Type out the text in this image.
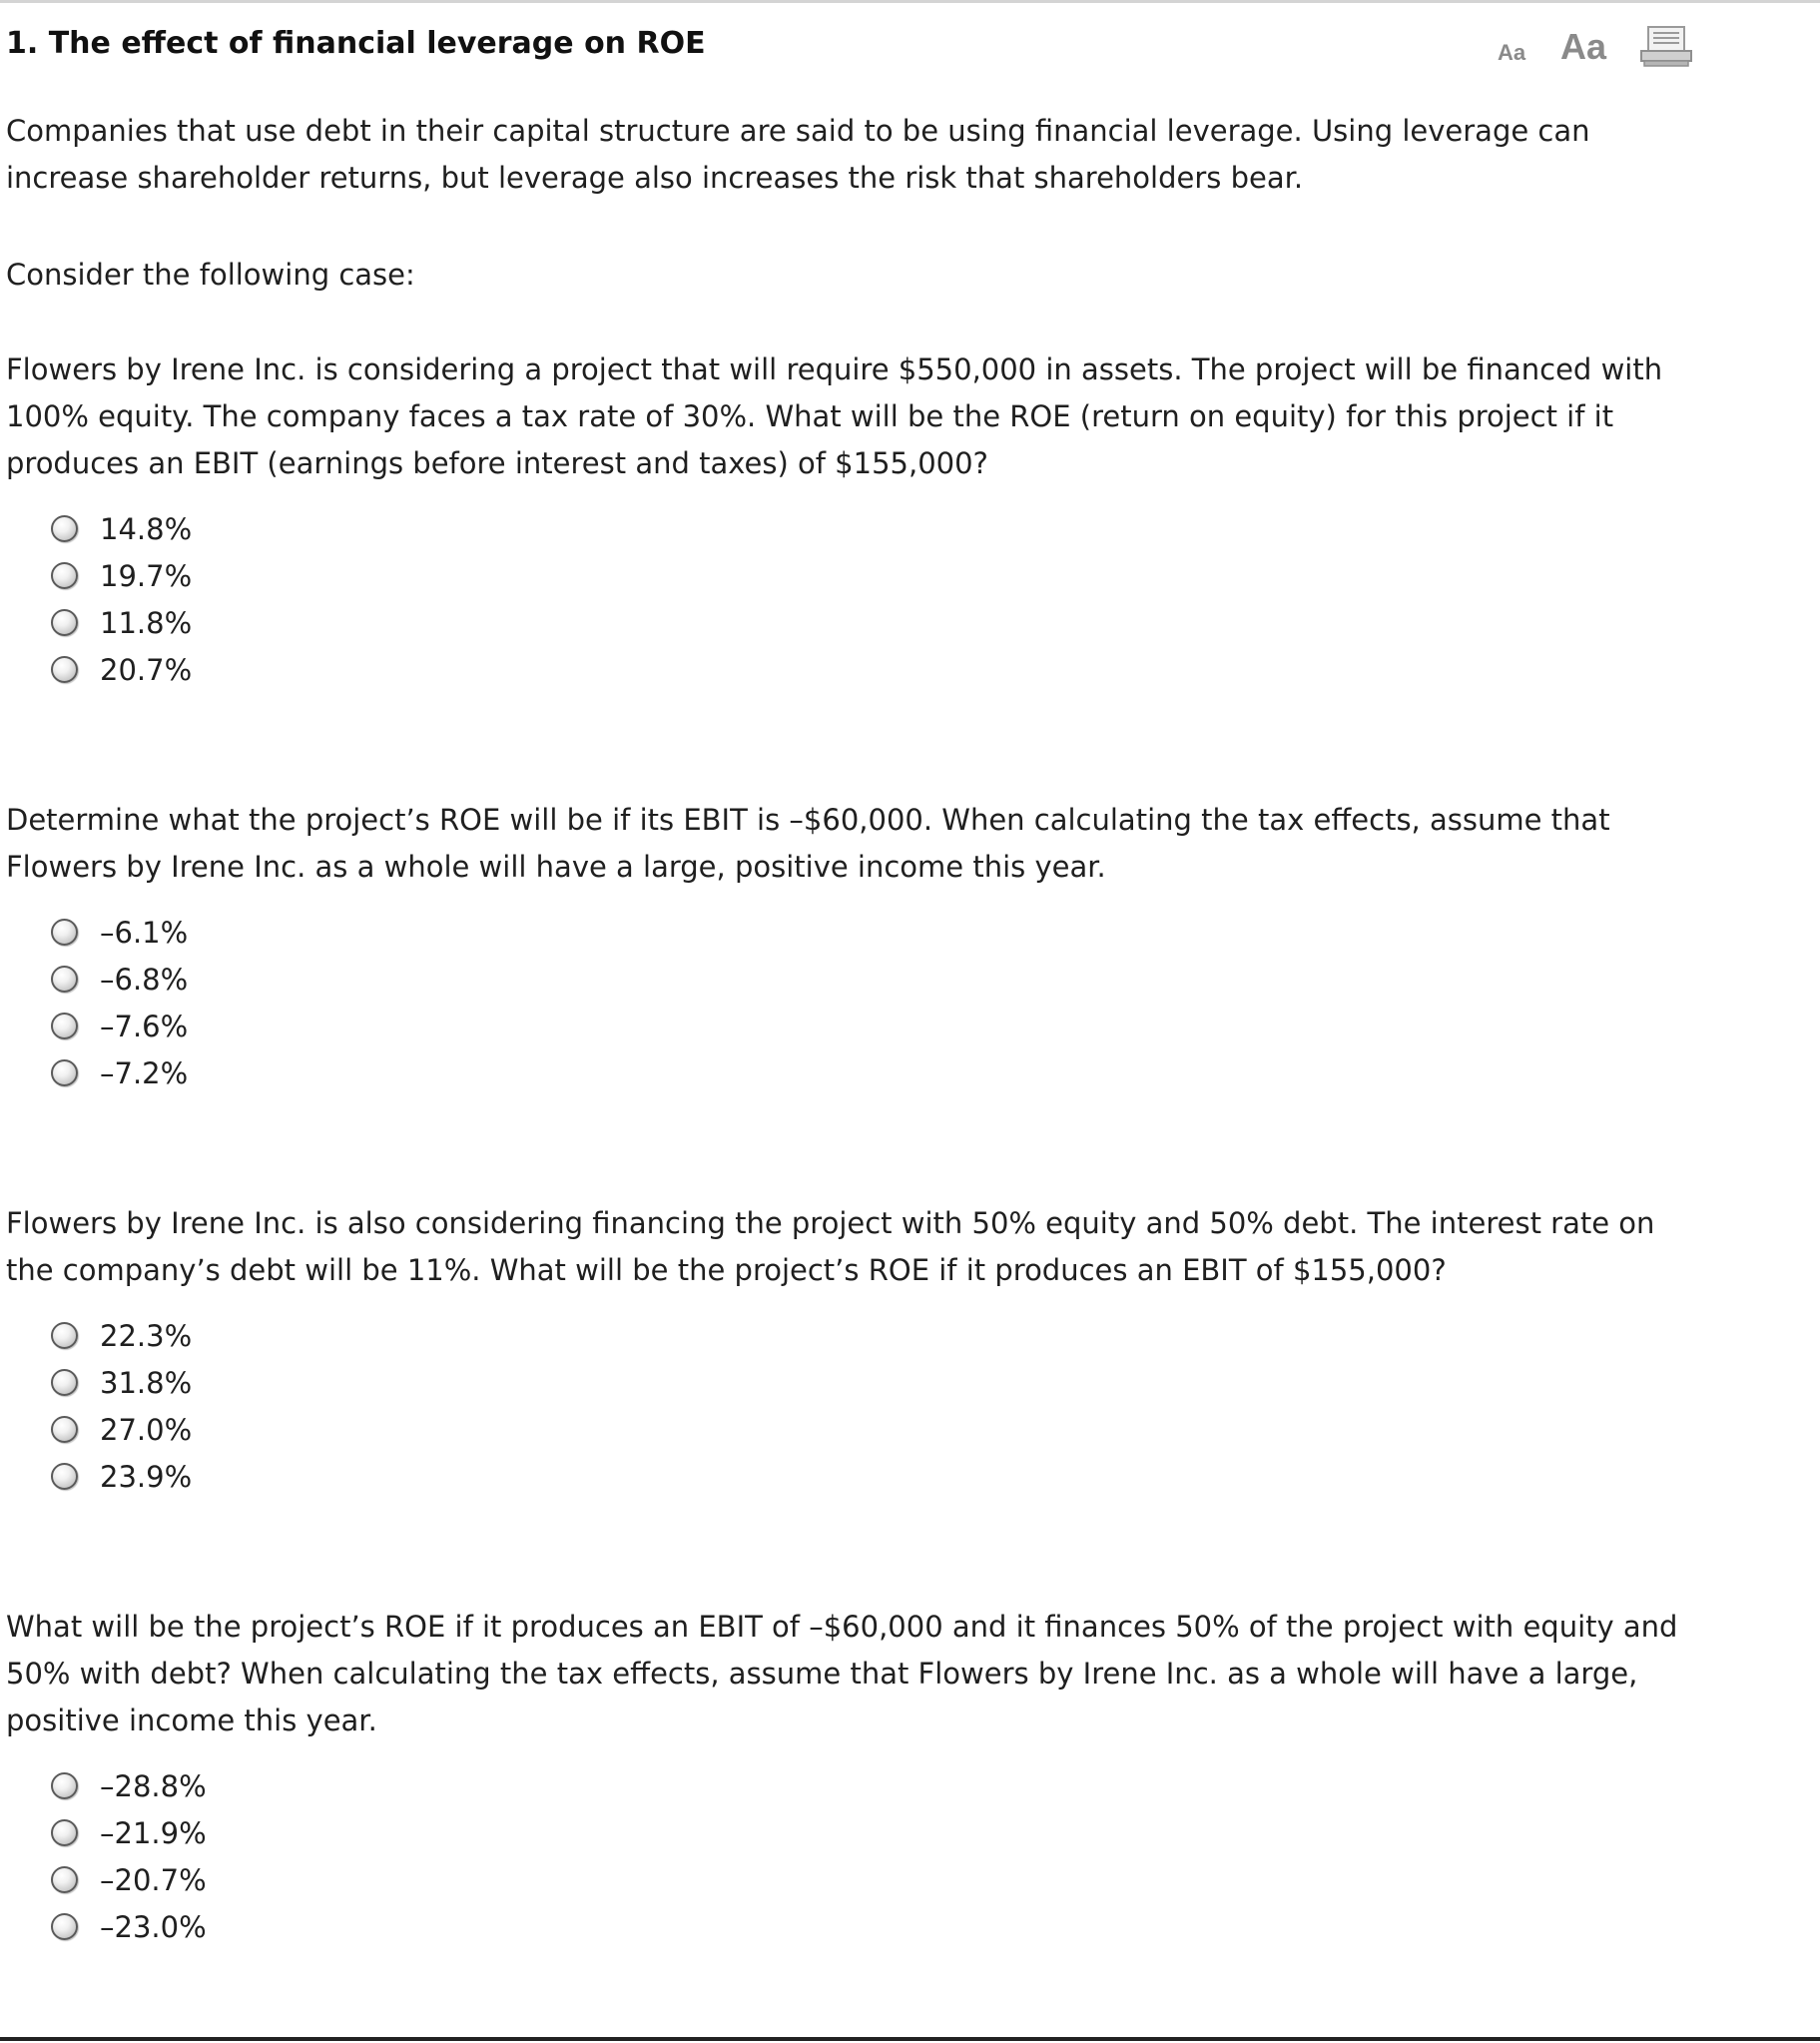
1. The effect of financial leverage on ROE	Aa Aa

Companies that use debt in their capital structure are said to be using financial leverage. Using leverage can increase shareholder returns, but leverage also increases the risk that shareholders bear.

Consider the following case:

Flowers by Irene Inc. is considering a project that will require $550,000 in assets. The project will be financed with 100% equity. The company faces a tax rate of 30%. What will be the ROE (return on equity) for this project if it produces an EBIT (earnings before interest and taxes) of $155,000?

14.8%
19.7%
11.8%
20.7%

Determine what the project’s ROE will be if its EBIT is –$60,000. When calculating the tax effects, assume that Flowers by Irene Inc. as a whole will have a large, positive income this year.

–6.1%
–6.8%
–7.6%
–7.2%

Flowers by Irene Inc. is also considering financing the project with 50% equity and 50% debt. The interest rate on the company’s debt will be 11%. What will be the project’s ROE if it produces an EBIT of $155,000?

22.3%
31.8%
27.0%
23.9%

What will be the project’s ROE if it produces an EBIT of –$60,000 and it finances 50% of the project with equity and 50% with debt? When calculating the tax effects, assume that Flowers by Irene Inc. as a whole will have a large, positive income this year.

–28.8%
–21.9%
–20.7%
–23.0%
